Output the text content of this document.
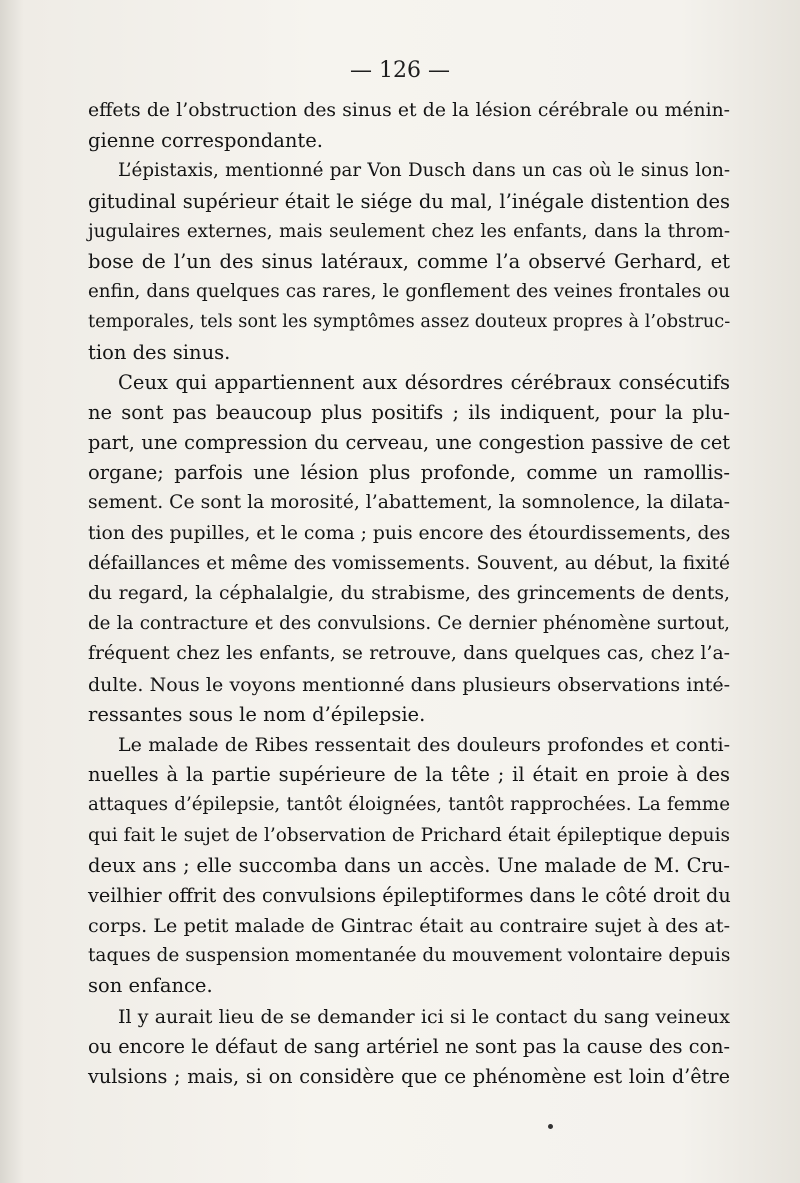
— 126 —
effets de l’obstruction des sinus et de la lésion cérébrale ou ménin-
gienne correspondante.
L’épistaxis, mentionné par Von Dusch dans un cas où le sinus lon-
gitudinal supérieur était le siége du mal, l’inégale distention des
jugulaires externes, mais seulement chez les enfants, dans la throm-
bose de l’un des sinus latéraux, comme l’a observé Gerhard, et
enfin, dans quelques cas rares, le gonflement des veines frontales ou
temporales, tels sont les symptômes assez douteux propres à l’obstruc-
tion des sinus.
Ceux qui appartiennent aux désordres cérébraux consécutifs
ne sont pas beaucoup plus positifs ; ils indiquent, pour la plu-
part, une compression du cerveau, une congestion passive de cet
organe; parfois une lésion plus profonde, comme un ramollis-
sement. Ce sont la morosité, l’abattement, la somnolence, la dilata-
tion des pupilles, et le coma ; puis encore des étourdissements, des
défaillances et même des vomissements. Souvent, au début, la fixité
du regard, la céphalalgie, du strabisme, des grincements de dents,
de la contracture et des convulsions. Ce dernier phénomène surtout,
fréquent chez les enfants, se retrouve, dans quelques cas, chez l’a-
dulte. Nous le voyons mentionné dans plusieurs observations inté-
ressantes sous le nom d’épilepsie.
Le malade de Ribes ressentait des douleurs profondes et conti-
nuelles à la partie supérieure de la tête ; il était en proie à des
attaques d’épilepsie, tantôt éloignées, tantôt rapprochées. La femme
qui fait le sujet de l’observation de Prichard était épileptique depuis
deux ans ; elle succomba dans un accès. Une malade de M. Cru-
veilhier offrit des convulsions épileptiformes dans le côté droit du
corps. Le petit malade de Gintrac était au contraire sujet à des at-
taques de suspension momentanée du mouvement volontaire depuis
son enfance.
Il y aurait lieu de se demander ici si le contact du sang veineux
ou encore le défaut de sang artériel ne sont pas la cause des con-
vulsions ; mais, si on considère que ce phénomène est loin d’être
